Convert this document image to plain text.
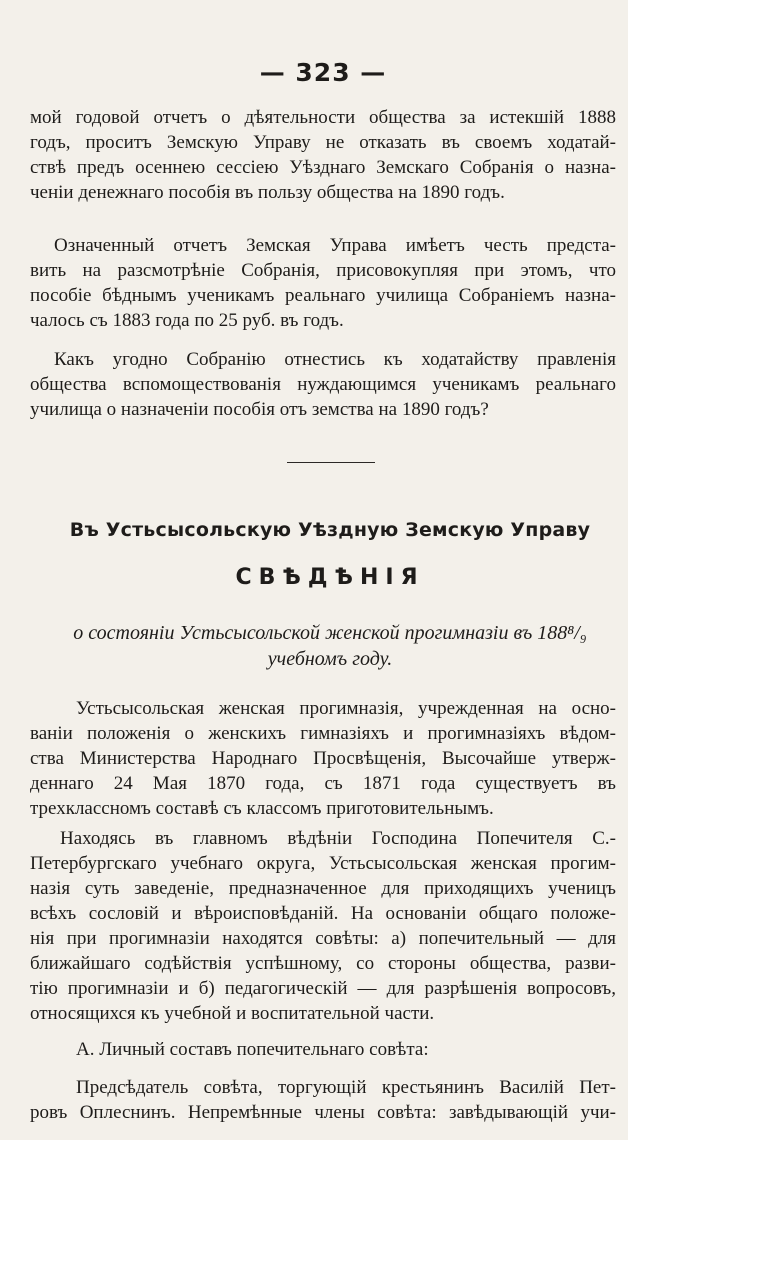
— 323 —

мой годовой отчетъ о дѣятельности общества за истекшій 1888
годъ, проситъ Земскую Управу не отказать въ своемъ ходатай-
ствѣ предъ осеннею сессіею Уѣзднаго Земскаго Собранія о назна-
ченіи денежнаго пособія въ пользу общества на 1890 годъ.

Означенный отчетъ Земская Управа имѣетъ честь предста-
вить на разсмотрѣніе Собранія, присовокупляя при этомъ, что
пособіе бѣднымъ ученикамъ реальнаго училища Собраніемъ назна-
чалось съ 1883 года по 25 руб. въ годъ.

Какъ угодно Собранію отнестись къ ходатайству правленія
общества вспомоществованія нуждающимся ученикамъ реальнаго
училища о назначеніи пособія отъ земства на 1890 годъ?

Въ Устьсысольскую Уѣздную Земскую Управу
СВѢДѢНІЯ
о состояніи Устьсысольской женской прогимназіи въ 188⁸/₉
учебномъ году.

Устьсысольская женская прогимназія, учрежденная на осно-
ваніи положенія о женскихъ гимназіяхъ и прогимназіяхъ вѣдом-
ства Министерства Народнаго Просвѣщенія, Высочайше утверж-
деннаго 24 Мая 1870 года, съ 1871 года существуетъ въ
трехклассномъ составѣ съ классомъ приготовительнымъ.

Находясь въ главномъ вѣдѣніи Господина Попечителя С.-
Петербургскаго учебнаго округа, Устьсысольская женская прогим-
назія суть заведеніе, предназначенное для приходящихъ ученицъ
всѣхъ сословій и вѣроисповѣданій. На основаніи общаго положе-
нія при прогимназіи находятся совѣты: а) попечительный — для
ближайшаго содѣйствія успѣшному, со стороны общества, разви-
тію прогимназіи и б) педагогическій — для разрѣшенія вопросовъ,
относящихся къ учебной и воспитательной части.

А. Личный составъ попечительнаго совѣта:

Предсѣдатель совѣта, торгующій крестьянинъ Василій Пет-
ровъ Оплеснинъ. Непремѣнные члены совѣта: завѣдывающій учи-
